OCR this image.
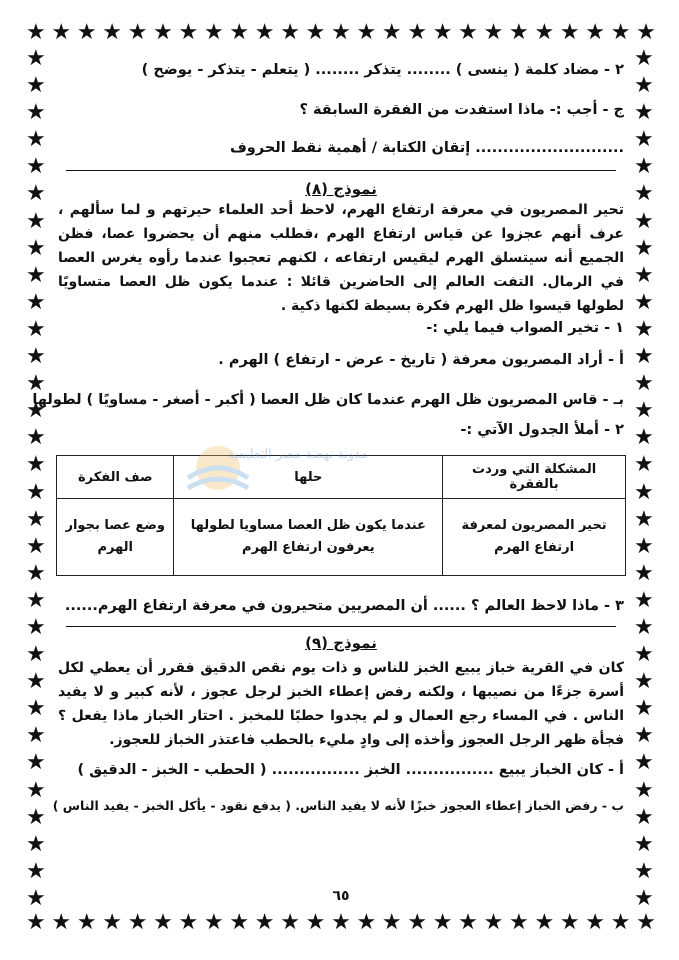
★ ★ ★ ★ ★ ★ ★ ★ ★ ★ ★ ★ ★ ★ ★ ★ ★ ★ ★ ★ ★ ★ ★ ★ ★
★ ★ ★ ★ ★ ★ ★ ★ ★ ★ ★ ★ ★ ★ ★ ★ ★ ★ ★ ★ ★ ★ ★ ★ ★
★
★
★
★
★
★
★
★
★
★
★
★
★
★
★
★
★
★
★
★
★
★
★
★
★
★
★
★
★
★
★
★
★
★
★
★
★
★
★
★
★
★
★
★
★
★
★
★
★
★
★
★
★
★
★
★
★
★
★
★
★
★
★
★
٢ - مضاد كلمة ( ينسى ) ........ يتذكر ........ ( يتعلم - يتذكر - يوضح )
ج - أجب :- ماذا استفدت من الفقرة السابقة ؟
........................... إتقان الكتابة / أهمية نقط الحروف
نموذج (٨)
تحير المصريون في معرفة ارتفاع الهرم، لاحظ أحد العلماء حيرتهم و لما سألهم ، عرف أنهم عجزوا عن قياس ارتفاع الهرم ،فطلب منهم أن يحضروا عصا، فظن الجميع أنه سيتسلق الهرم ليقيس ارتفاعه ، لكنهم تعجبوا عندما رأوه يغرس العصا في الرمال. التفت العالم إلى الحاضرين قائلا : عندما يكون ظل العصا متساويًا لطولها قيسوا ظل الهرم فكرة بسيطة لكنها ذكية .
١ - تخير الصواب فيما يلي :-
أ - أراد المصريون معرفة ( تاريخ - عرض - ارتفاع ) الهرم .
بـ - قاس المصريون ظل الهرم عندما كان ظل العصا ( أكبر - أصغر - مساويًا ) لطولها
٢ - أملأ الجدول الآتي :-
المشكلة التي وردت بالفقرة	حلها	صف الفكرة
تحير المصريون لمعرفة ارتفاع الهرم	عندما يكون ظل العصا مساويا لطولها يعرفون ارتفاع الهرم	وضع عصا بجوار الهرم
٣ - ماذا لاحظ العالم ؟ ...... أن المصريين متحيرون في معرفة ارتفاع الهرم......
نموذج (٩)
كان في القرية خباز يبيع الخبز للناس و ذات يوم نقص الدقيق فقرر أن يعطي لكل أسرة جزءًا من نصيبها ، ولكنه رفض إعطاء الخبز لرجل عجوز ، لأنه كبير و لا يفيد الناس . في المساء رجع العمال و لم يجدوا حطبًا للمخبز . احتار الخباز ماذا يفعل ؟ فجأة ظهر الرجل العجوز وأخذه إلى وادٍ مليء بالحطب فاعتذر الخباز للعجوز.
أ - كان الخباز يبيع ................ الخبز ................ ( الحطب - الخبز - الدقيق )
ب - رفض الخباز إعطاء العجوز خبزًا لأنه لا يفيد الناس. ( يدفع نقود - يأكل الخبز - يفيد الناس )
٦٥
مدونة نهضة مصر التعليمية
